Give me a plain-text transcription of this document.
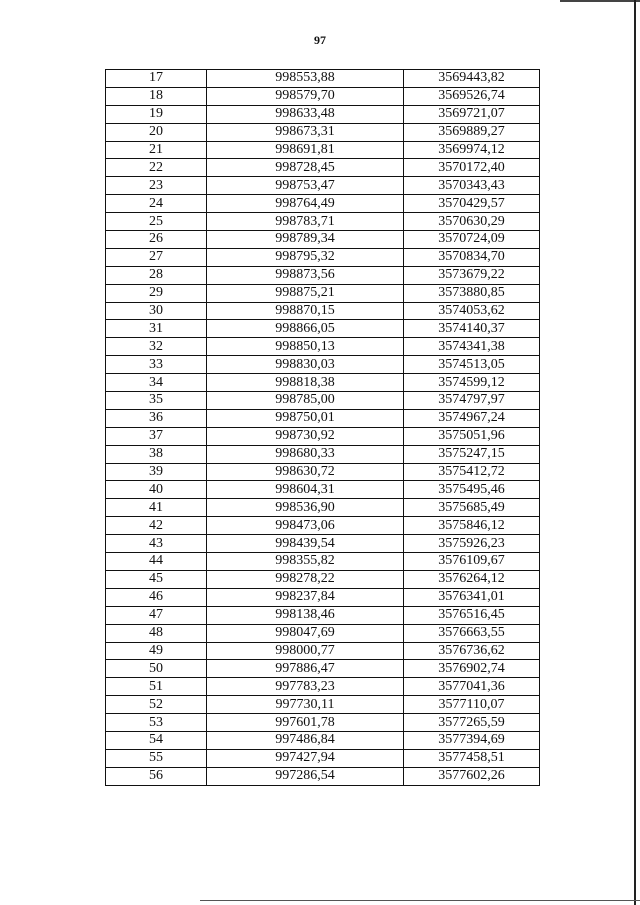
97
17	998553,88	3569443,82
18	998579,70	3569526,74
19	998633,48	3569721,07
20	998673,31	3569889,27
21	998691,81	3569974,12
22	998728,45	3570172,40
23	998753,47	3570343,43
24	998764,49	3570429,57
25	998783,71	3570630,29
26	998789,34	3570724,09
27	998795,32	3570834,70
28	998873,56	3573679,22
29	998875,21	3573880,85
30	998870,15	3574053,62
31	998866,05	3574140,37
32	998850,13	3574341,38
33	998830,03	3574513,05
34	998818,38	3574599,12
35	998785,00	3574797,97
36	998750,01	3574967,24
37	998730,92	3575051,96
38	998680,33	3575247,15
39	998630,72	3575412,72
40	998604,31	3575495,46
41	998536,90	3575685,49
42	998473,06	3575846,12
43	998439,54	3575926,23
44	998355,82	3576109,67
45	998278,22	3576264,12
46	998237,84	3576341,01
47	998138,46	3576516,45
48	998047,69	3576663,55
49	998000,77	3576736,62
50	997886,47	3576902,74
51	997783,23	3577041,36
52	997730,11	3577110,07
53	997601,78	3577265,59
54	997486,84	3577394,69
55	997427,94	3577458,51
56	997286,54	3577602,26
